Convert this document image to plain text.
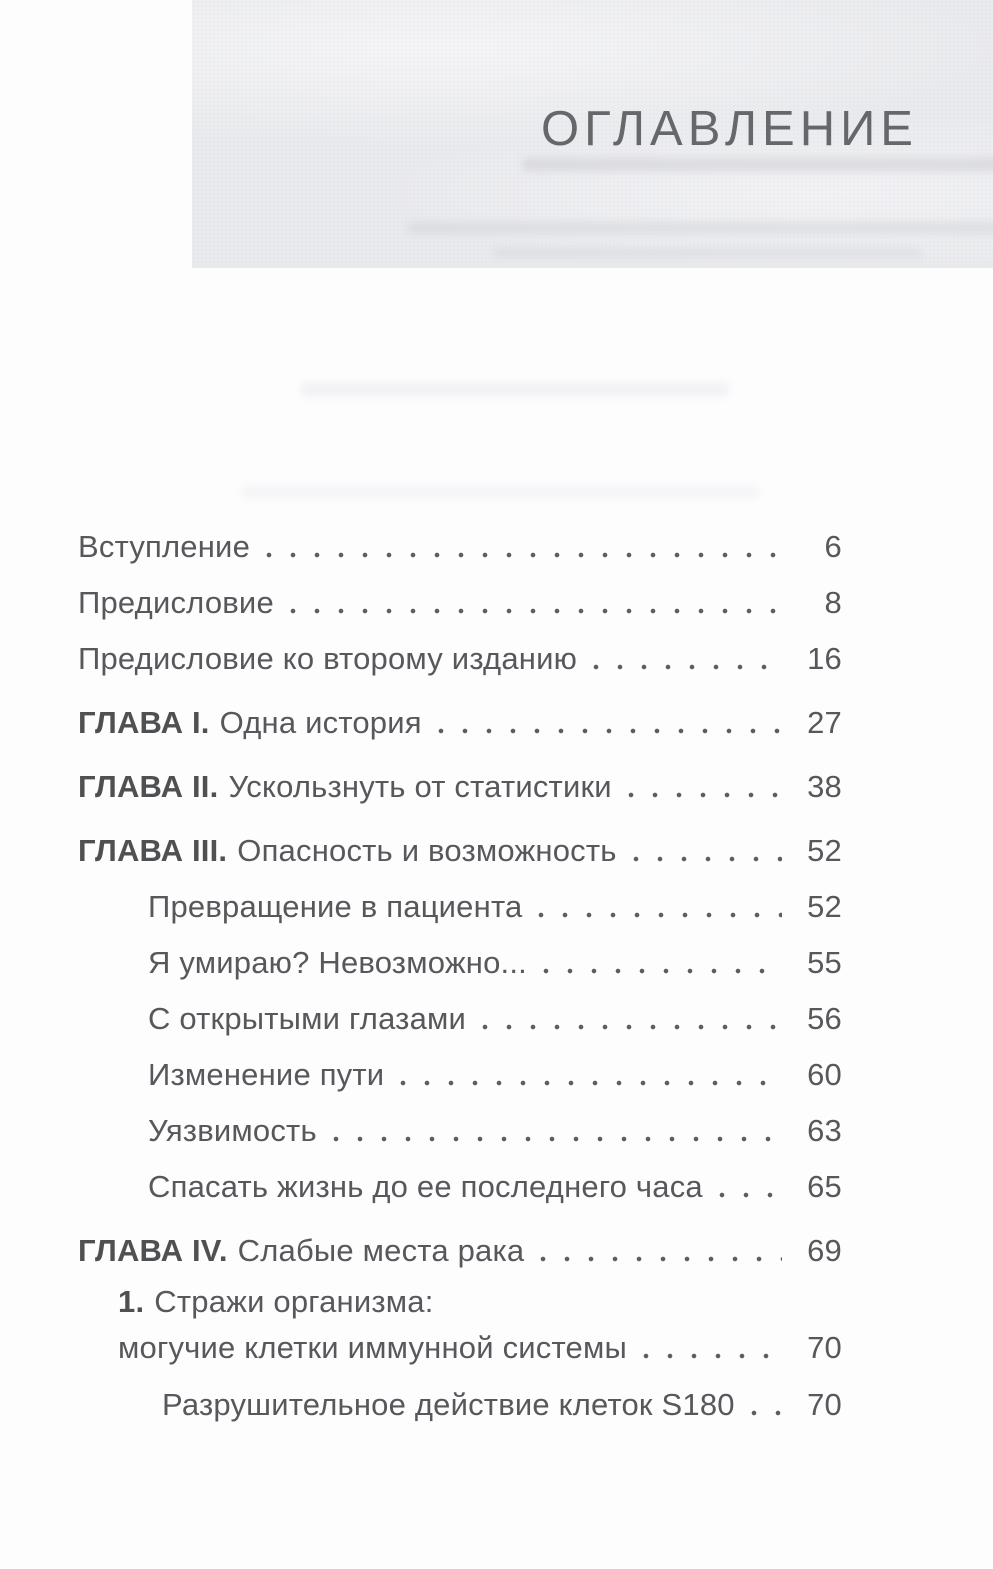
ОГЛАВЛЕНИЕ
Вступление	6
Предисловие	8
Предисловие ко второму изданию	16
ГЛАВА I. Одна история	27
ГЛАВА II. Ускользнуть от статистики	38
ГЛАВА III. Опасность и возможность	52
Превращение в пациента	52
Я умираю? Невозможно...	55
С открытыми глазами	56
Изменение пути	60
Уязвимость	63
Спасать жизнь до ее последнего часа	65
ГЛАВА IV. Слабые места рака	69
1. Стражи организма:
могучие клетки иммунной системы	70
Разрушительное действие клеток S180	70
